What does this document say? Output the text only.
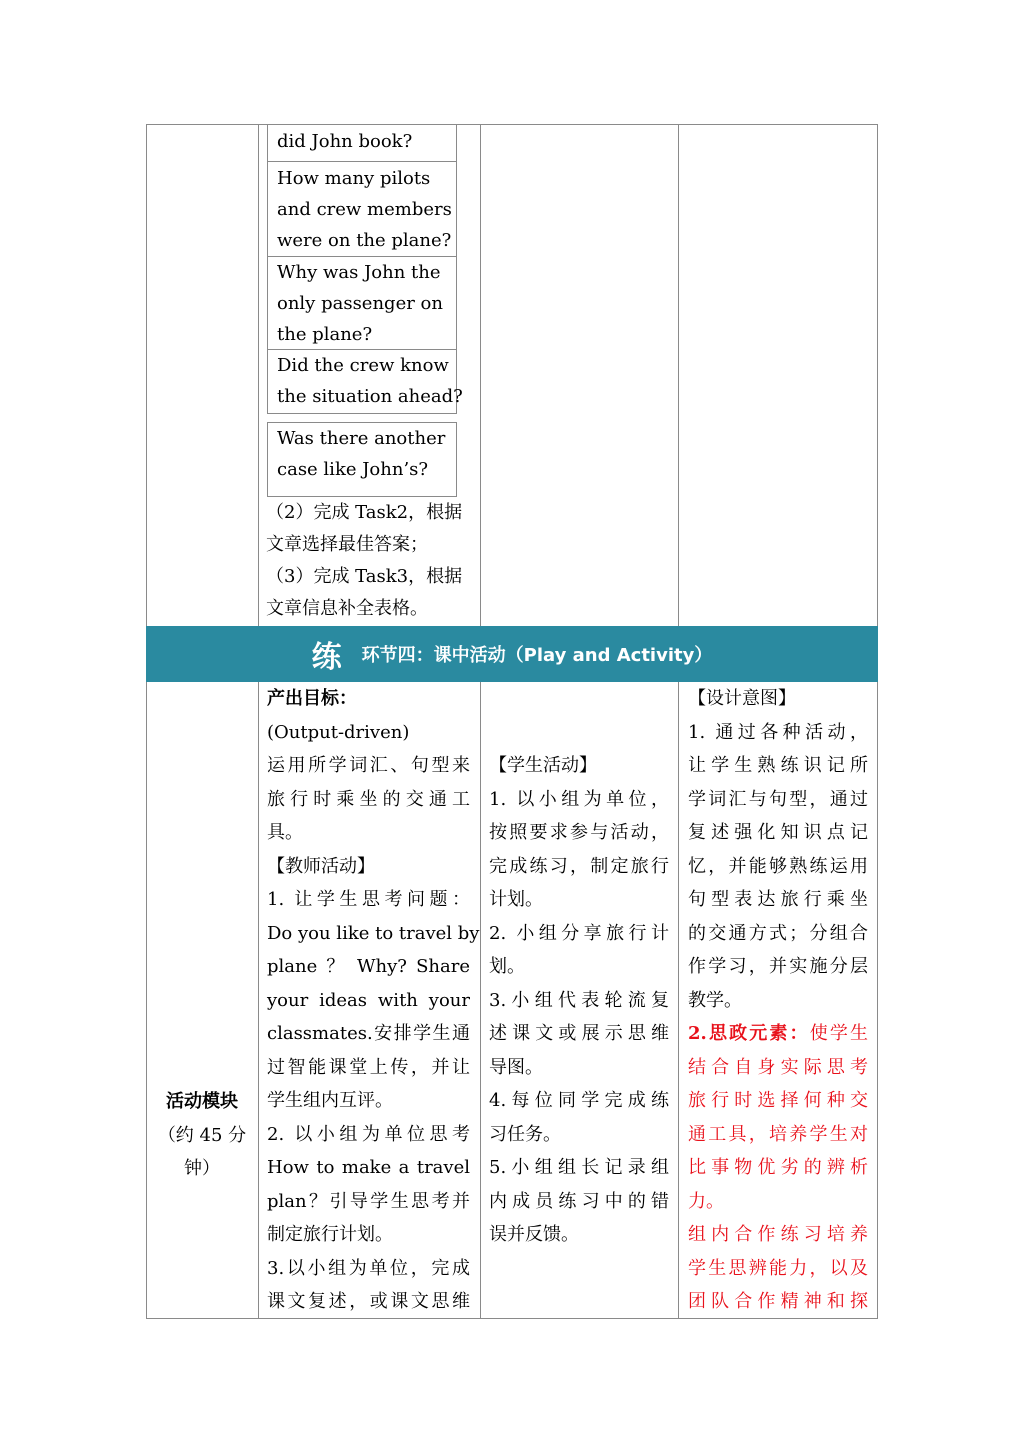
did John book?
How many pilots
and crew members
were on the plane?
Why was John the
only passenger on
the plane?
Did the crew know
the situation ahead?
Was there another
case like John’s?
（2）完成 Task2，根据
文章选择最佳答案；
（3）完成 Task3，根据
文章信息补全表格。
练 环节四：课中活动（Play and Activity）
活动模块
（约 45 分
钟）
产出目标：
(Output-driven)
运用所学词汇、句型来
旅行时乘坐的交通工
具。
【教师活动】
1. 让学生思考问题：
Do you like to travel by
plane ？ Why? Share
your ideas with your
classmates.安排学生通
过智能课堂上传，并让
学生组内互评。
2. 以小组为单位思考
How to make a travel
plan？引导学生思考并
制定旅行计划。
3.以小组为单位，完成
课文复述，或课文思维
【学生活动】
1. 以小组为单位，
按照要求参与活动，
完成练习，制定旅行
计划。
2. 小组分享旅行计
划。
3.小组代表轮流复
述课文或展示思维
导图。
4.每位同学完成练
习任务。
5.小组组长记录组
内成员练习中的错
误并反馈。
【设计意图】
1. 通过各种活动，
让学生熟练识记所
学词汇与句型，通过
复述强化知识点记
忆，并能够熟练运用
句型表达旅行乘坐
的交通方式；分组合
作学习，并实施分层
教学。
2.思政元素：使学生
结合自身实际思考
旅行时选择何种交
通工具，培养学生对
比事物优劣的辨析
力。
组内合作练习培养
学生思辨能力，以及
团队合作精神和探
